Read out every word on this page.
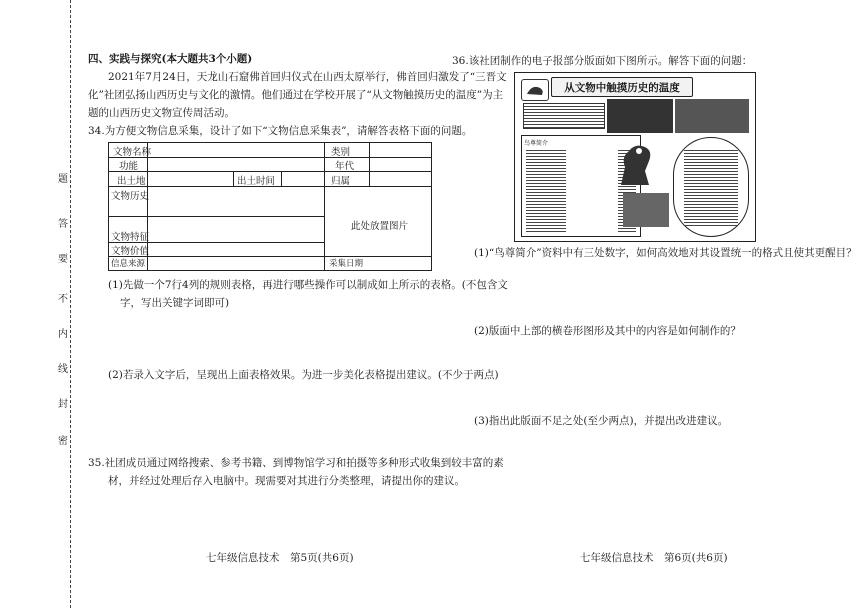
题
答
要
不
内
线
封
密
四、实践与探究(本大题共3个小题)
2021年7月24日，天龙山石窟佛首回归仪式在山西太原举行，佛首回归激发了“三晋文
化”社团弘扬山西历史与文化的激情。他们通过在学校开展了“从文物触摸历史的温度”为主
题的山西历史文物宣传周活动。
34.为方便文物信息采集，设计了如下“文物信息采集表”，请解答表格下面的问题。
文物名称	类别
功能	年代
出土地	出土时间	归属
文物历史
文物特征
此处放置图片
文物价值
信息来源	采集日期
(1)先做一个7行4列的规则表格，再进行哪些操作可以制成如上所示的表格。(不包含文
字，写出关键字词即可)
(2)若录入文字后，呈现出上面表格效果。为进一步美化表格提出建议。(不少于两点)
35.社团成员通过网络搜索、参考书籍、到博物馆学习和拍摄等多种形式收集到较丰富的素
材，并经过处理后存入电脑中。现需要对其进行分类整理，请提出你的建议。
七年级信息技术　第5页(共6页)
36.该社团制作的电子报部分版面如下图所示。解答下面的问题：
从文物中触摸历史的温度
鸟尊简介
(1)“鸟尊简介”资料中有三处数字，如何高效地对其设置统一的格式且使其更醒目？
(2)版面中上部的横卷形图形及其中的内容是如何制作的？
(3)指出此版面不足之处(至少两点)，并提出改进建议。
七年级信息技术　第6页(共6页)
